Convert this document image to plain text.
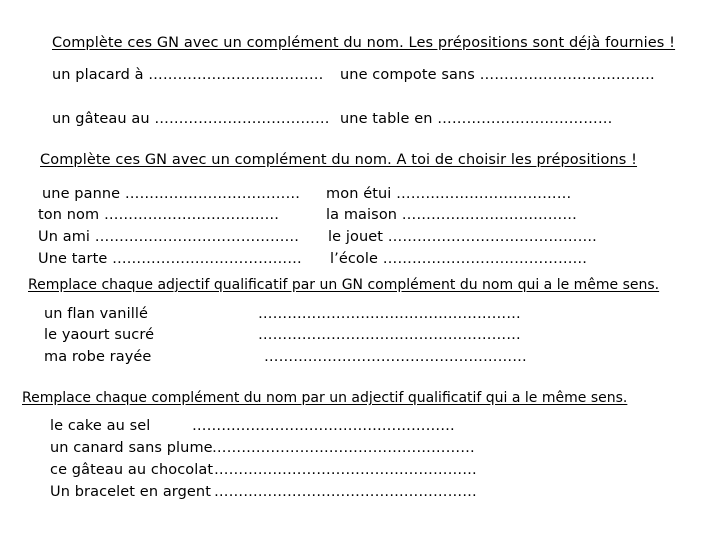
Complète ces GN avec un complément du nom. Les prépositions sont déjà fournies !
un placard à ……………………………… une compote sans ………………………………
un gâteau au ……………………………… une table en ………………………………
Complète ces GN avec un complément du nom. A toi de choisir les prépositions !
une panne ………………………………
ton nom ………………………………
Un ami ……………………………………
Une tarte …………………………………
mon étui ………………………………
la maison ………………………………
le jouet …………………………………….
l’école ……………………………………
Remplace chaque adjectif qualificatif par un GN complément du nom qui a le même sens.
un flan vanillé
le yaourt sucré
ma robe rayée
………………………………………………
………………………………………………
………………………………………………
Remplace chaque complément du nom par un adjectif qualificatif qui a le même sens.
le cake au sel
un canard sans plume
ce gâteau au chocolat
Un bracelet en argent
………………………………………………
………………………………………………
………………………………………………
………………………………………………
